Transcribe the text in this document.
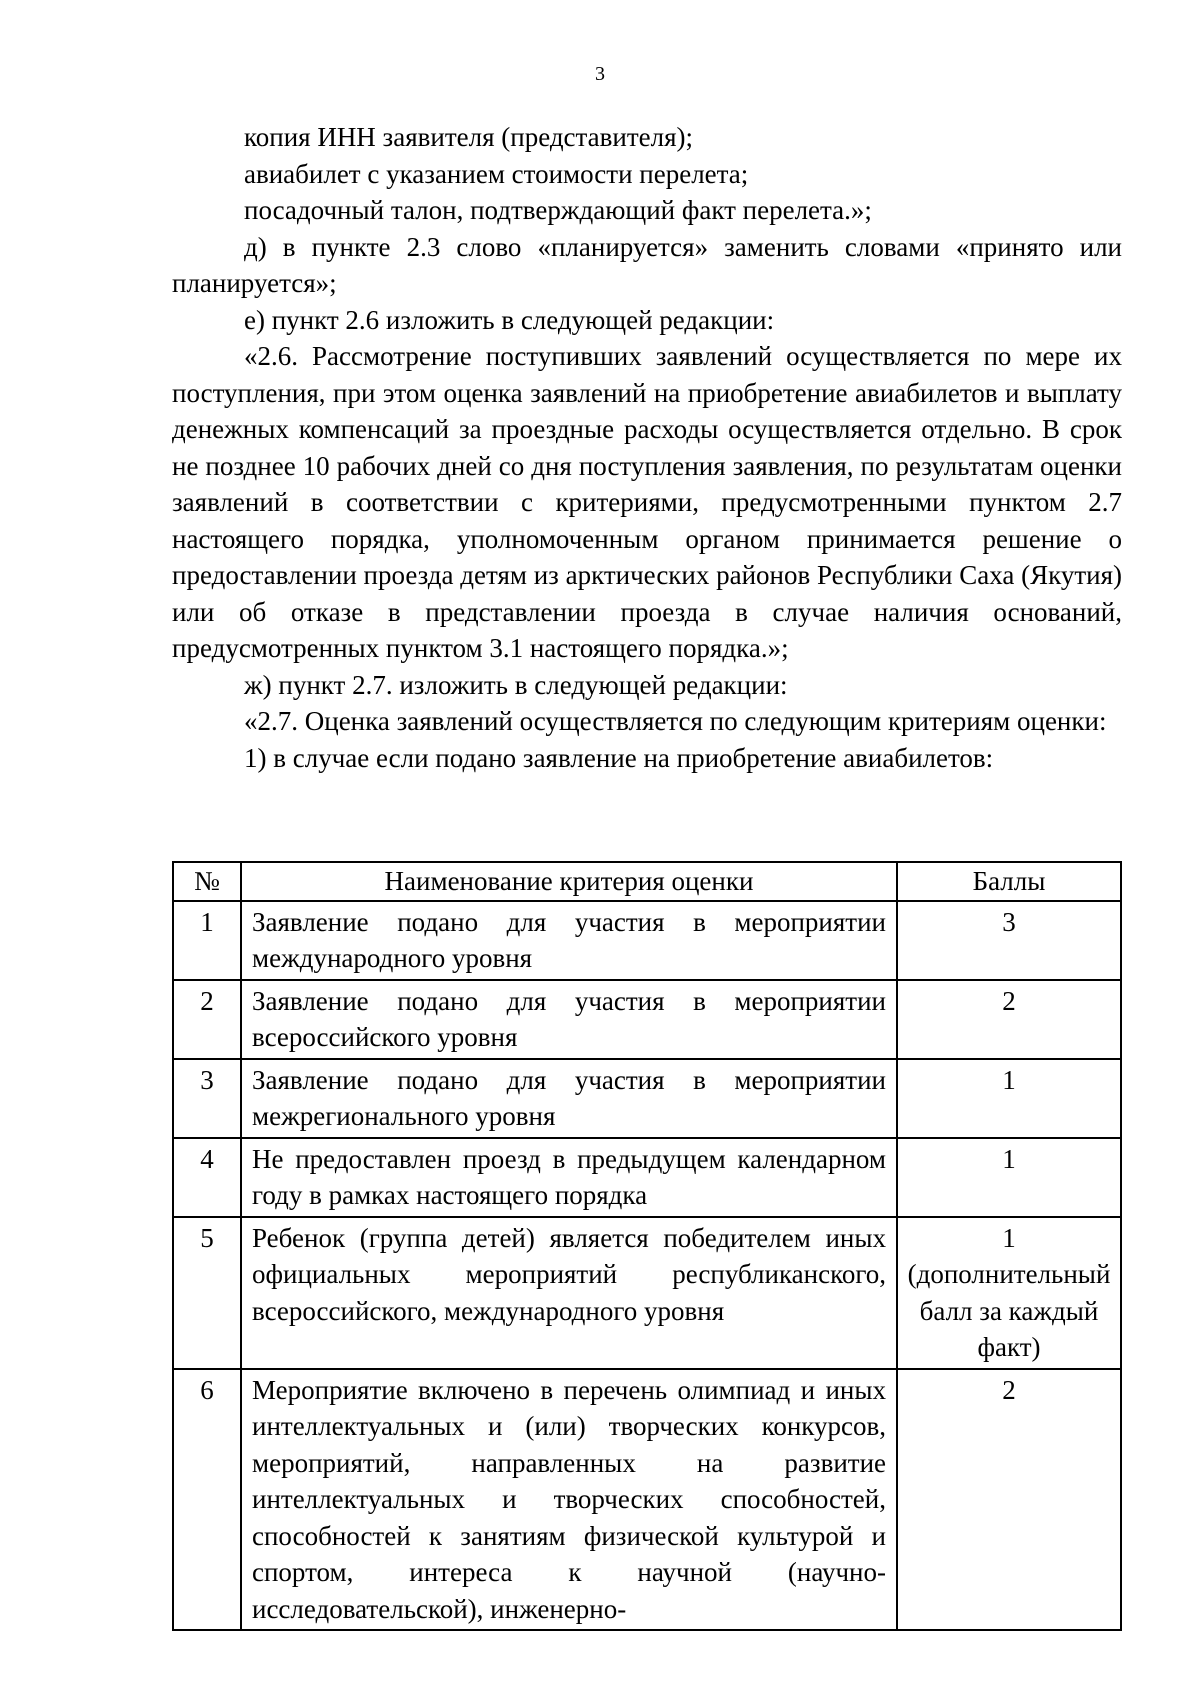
3

копия ИНН заявителя (представителя);

авиабилет с указанием стоимости перелета;

посадочный талон, подтверждающий факт перелета.»;

д) в пункте 2.3 слово «планируется» заменить словами «принято или планируется»;

е) пункт 2.6 изложить в следующей редакции:

«2.6. Рассмотрение поступивших заявлений осуществляется по мере их поступления, при этом оценка заявлений на приобретение авиабилетов и выплату денежных компенсаций за проездные расходы осуществляется отдельно. В срок не позднее 10 рабочих дней со дня поступления заявления, по результатам оценки заявлений в соответствии с критериями, предусмотренными пунктом 2.7 настоящего порядка, уполномоченным органом принимается решение о предоставлении проезда детям из арктических районов Республики Саха (Якутия) или об отказе в представлении проезда в случае наличия оснований, предусмотренных пунктом 3.1 настоящего порядка.»;

ж) пункт 2.7. изложить в следующей редакции:

«2.7. Оценка заявлений осуществляется по следующим критериям оценки:

1) в случае если подано заявление на приобретение авиабилетов:

№	Наименование критерия оценки	Баллы
1	Заявление подано для участия в мероприятии международного уровня	3
2	Заявление подано для участия в мероприятии всероссийского уровня	2
3	Заявление подано для участия в мероприятии межрегионального уровня	1
4	Не предоставлен проезд в предыдущем календарном году в рамках настоящего порядка	1
5	Ребенок (группа детей) является победителем иных официальных мероприятий республиканского, всероссийского, международного уровня	1 (дополнительный балл за каждый факт)
6	Мероприятие включено в перечень олимпиад и иных интеллектуальных и (или) творческих конкурсов, мероприятий, направленных на развитие интеллектуальных и творческих способностей, способностей к занятиям физической культурой и спортом, интереса к научной (научно-исследовательской), инженерно-	2
